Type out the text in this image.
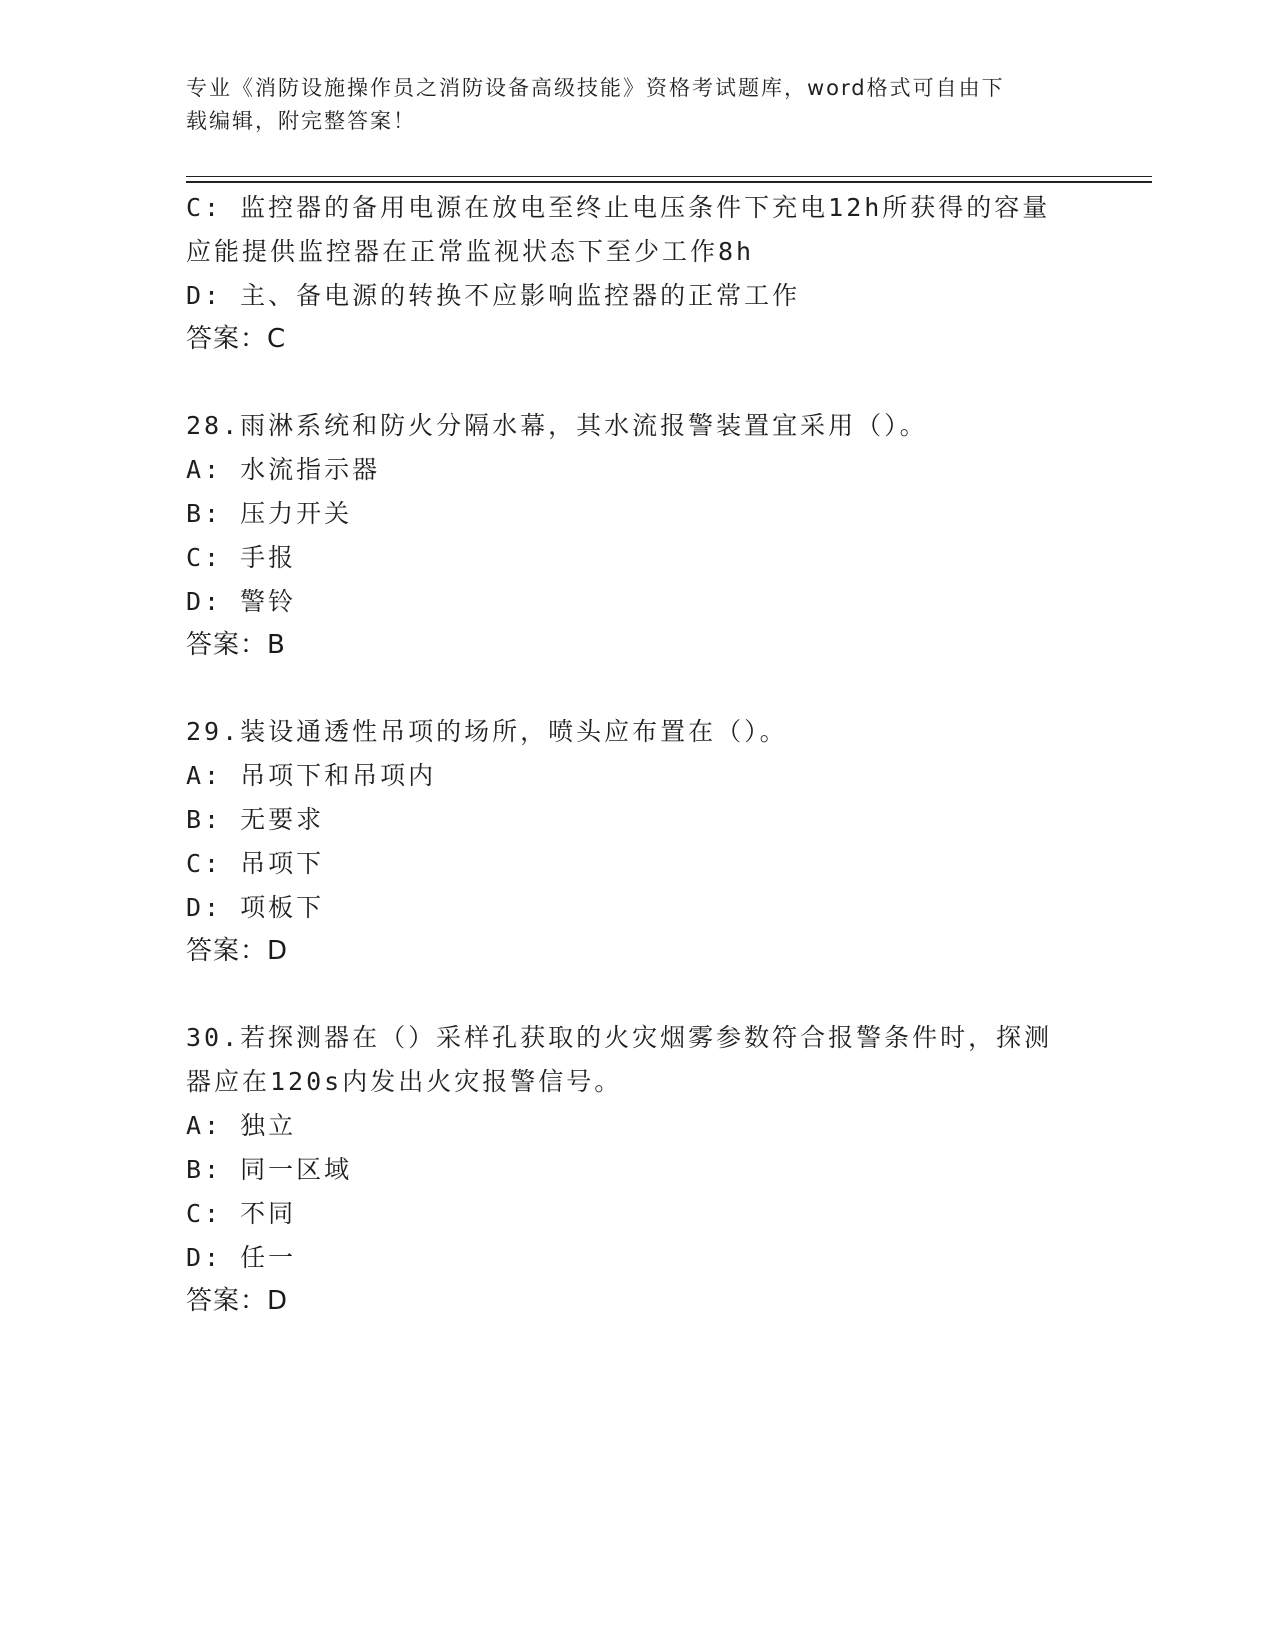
专业《消防设施操作员之消防设备高级技能》资格考试题库，word格式可自由下
载编辑，附完整答案！
C: 监控器的备用电源在放电至终止电压条件下充电12h所获得的容量
应能提供监控器在正常监视状态下至少工作8h
D: 主、备电源的转换不应影响监控器的正常工作
答案：C
28.雨淋系统和防火分隔水幕，其水流报警装置宜采用（）。
A: 水流指示器
B: 压力开关
C: 手报
D: 警铃
答案：B
29.装设通透性吊项的场所，喷头应布置在（）。
A: 吊项下和吊项内
B: 无要求
C: 吊项下
D: 项板下
答案：D
30.若探测器在（）采样孔获取的火灾烟雾参数符合报警条件时，探测
器应在120s内发出火灾报警信号。
A: 独立
B: 同一区域
C: 不同
D: 任一
答案：D
